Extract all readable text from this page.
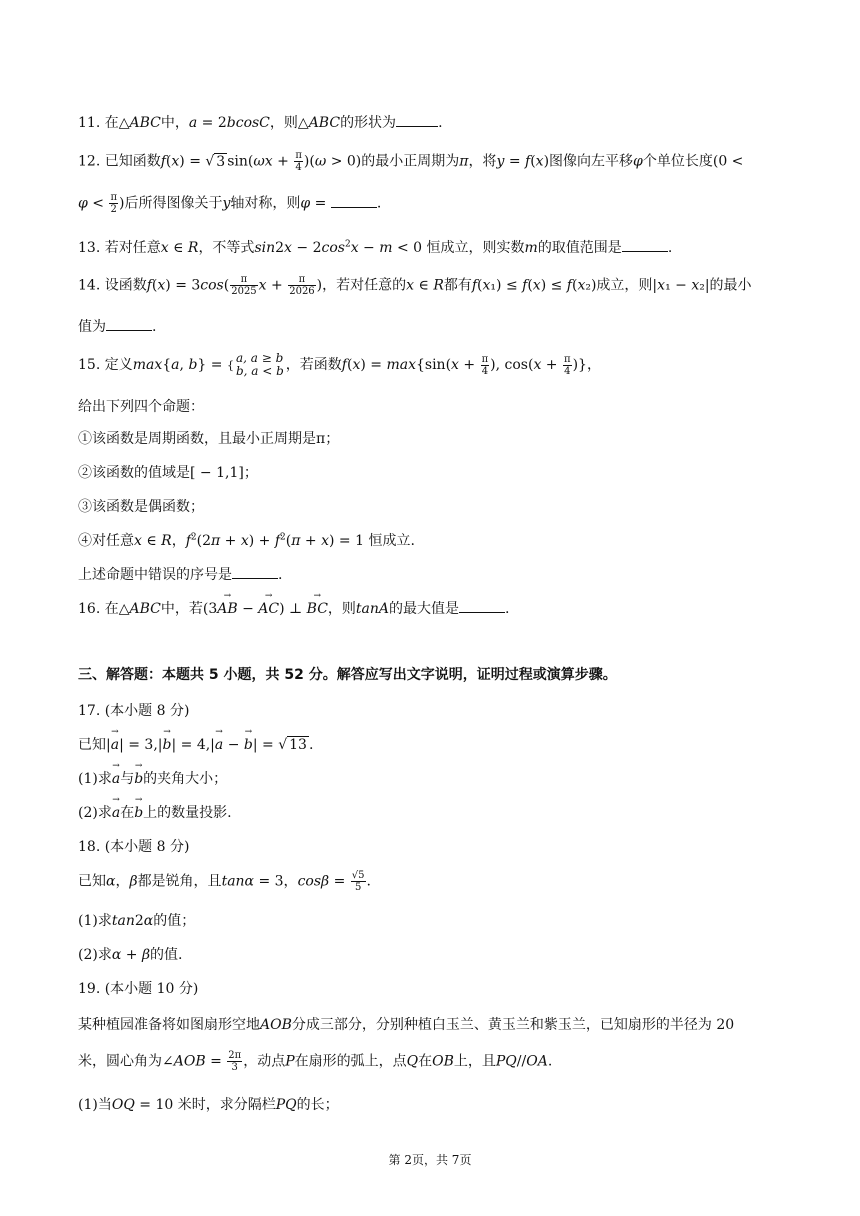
11. 在△ABC中，a = 2bcosC，则△ABC的形状为	.
12. 已知函数f(x) = √ 3 $\sin(\omega x + \frac{\pi}{4} )(\omega > 0)$的最小正周期为π，将y = f(x)图像向左平移φ个单位长度(0 <
$\varphi < \frac{\pi}{2}$ )后所得图像关于y轴对称，则φ =	.
13. 若对任意x ∈ R，不等式$\sin 2x - 2\cos^2x - m < 0$ 恒成立，则实数m的取值范围是	.
14. 设函数$f(x) = 3\cos( \frac{\pi}{2025}$ $x + \frac{\pi}{2026}$ )，若对任意的x ∈ R都有f(x₁) ≤ f(x) ≤ f(x₂)成立，则|x₁ − x₂|的最小
值为	.
15. 定义max{a, b} = { a, a ≥ b
b, a < b ，若函数$f(x) = \max\{\sin(x + \frac{\pi}{4}$ ), $\cos(x + \frac{\pi}{4}$ )}，
给出下列四个命题：
①该函数是周期函数，且最小正周期是π；
②该函数的值域是[ − 1,1]；
③该函数是偶函数；
④对任意x ∈ R，$f^2(2\pi + x) + f^2(\pi + x) = 1$ 恒成立.
上述命题中错误的序号是	.
16. 在△ABC中，若(3→ AB − → AC) ⊥ → BC，则tanA的最大值是	.
三、解答题：本题共 5 小题，共 52 分。解答应写出文字说明，证明过程或演算步骤。
17. (本小题 8 分)
已知|→ a| = 3,|→ b| = 4,|→ a − → b| = √ 13 .
(1)求→ a与→ b的夹角大小；
(2)求→ a在→ b上的数量投影.
18. (本小题 8 分)
已知α，β都是锐角，且tanα = 3，$\cos\beta = \frac{√5}{5}$ .
(1)求tan2α的值；
(2)求α + β的值.
19. (本小题 10 分)
某种植园准备将如图扇形空地AOB分成三部分，分别种植白玉兰、黄玉兰和紫玉兰，已知扇形的半径为 20
米，圆心角为∠AOB = $\frac{2\pi}{3}$ ，动点P在扇形的弧上，点Q在OB上，且PQ//OA.
(1)当OQ = 10 米时，求分隔栏PQ的长；
第 2页，共 7页
